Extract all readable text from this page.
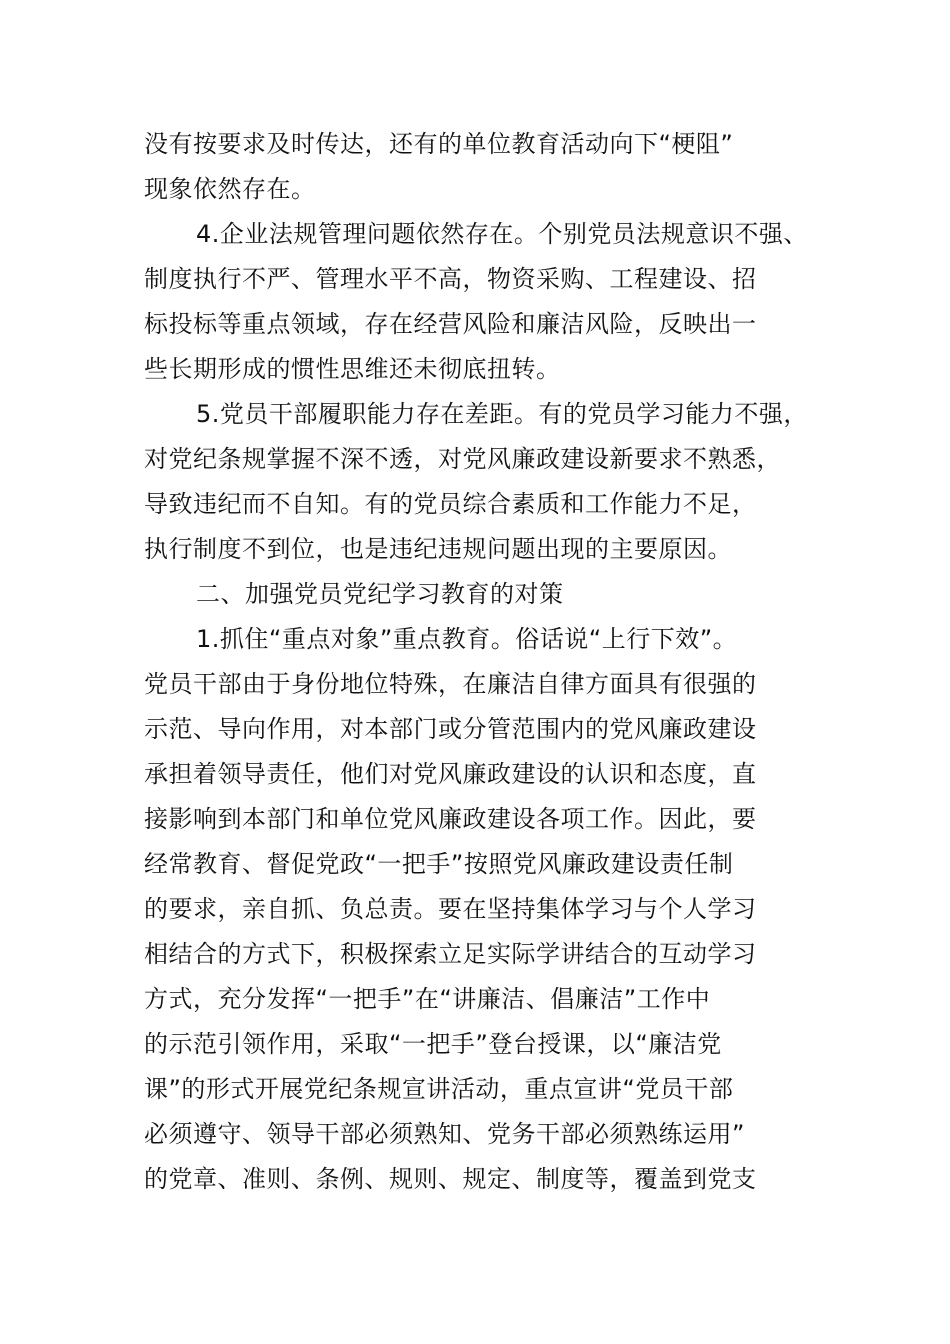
没有按要求及时传达，还有的单位教育活动向下“梗阻”
现象依然存在。
4.企业法规管理问题依然存在。个别党员法规意识不强、
制度执行不严、管理水平不高，物资采购、工程建设、招
标投标等重点领域，存在经营风险和廉洁风险，反映出一
些长期形成的惯性思维还未彻底扭转。
5.党员干部履职能力存在差距。有的党员学习能力不强，
对党纪条规掌握不深不透，对党风廉政建设新要求不熟悉，
导致违纪而不自知。有的党员综合素质和工作能力不足，
执行制度不到位，也是违纪违规问题出现的主要原因。
二、加强党员党纪学习教育的对策
1.抓住“重点对象”重点教育。俗话说“上行下效”。
党员干部由于身份地位特殊，在廉洁自律方面具有很强的
示范、导向作用，对本部门或分管范围内的党风廉政建设
承担着领导责任，他们对党风廉政建设的认识和态度，直
接影响到本部门和单位党风廉政建设各项工作。因此，要
经常教育、督促党政“一把手”按照党风廉政建设责任制
的要求，亲自抓、负总责。要在坚持集体学习与个人学习
相结合的方式下，积极探索立足实际学讲结合的互动学习
方式，充分发挥“一把手”在“讲廉洁、倡廉洁”工作中
的示范引领作用，采取“一把手”登台授课，以“廉洁党
课”的形式开展党纪条规宣讲活动，重点宣讲“党员干部
必须遵守、领导干部必须熟知、党务干部必须熟练运用”
的党章、准则、条例、规则、规定、制度等，覆盖到党支
